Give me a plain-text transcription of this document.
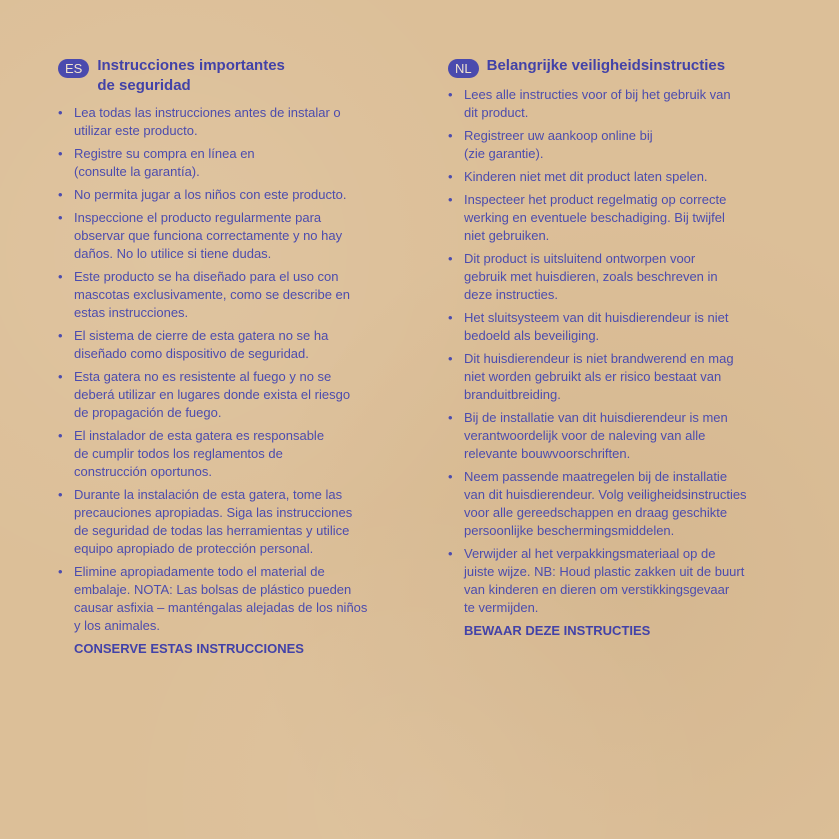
ES	Instrucciones importantes
de seguridad
• Lea todas las instrucciones antes de instalar o
utilizar este producto.
• Registre su compra en línea en
(consulte la garantía).
• No permita jugar a los niños con este producto.
• Inspeccione el producto regularmente para
observar que funciona correctamente y no hay
daños. No lo utilice si tiene dudas.
• Este producto se ha diseñado para el uso con
mascotas exclusivamente, como se describe en
estas instrucciones.
• El sistema de cierre de esta gatera no se ha
diseñado como dispositivo de seguridad.
• Esta gatera no es resistente al fuego y no se
deberá utilizar en lugares donde exista el riesgo
de propagación de fuego.
• El instalador de esta gatera es responsable
de cumplir todos los reglamentos de
construcción oportunos.
• Durante la instalación de esta gatera, tome las
precauciones apropiadas. Siga las instrucciones
de seguridad de todas las herramientas y utilice
equipo apropiado de protección personal.
• Elimine apropiadamente todo el material de
embalaje. NOTA: Las bolsas de plástico pueden
causar asfixia – manténgalas alejadas de los niños
y los animales.
CONSERVE ESTAS INSTRUCCIONES
NL	Belangrijke veiligheidsinstructies
• Lees alle instructies voor of bij het gebruik van
dit product.
• Registreer uw aankoop online bij
(zie garantie).
• Kinderen niet met dit product laten spelen.
• Inspecteer het product regelmatig op correcte
werking en eventuele beschadiging. Bij twijfel
niet gebruiken.
• Dit product is uitsluitend ontworpen voor
gebruik met huisdieren, zoals beschreven in
deze instructies.
• Het sluitsysteem van dit huisdierendeur is niet
bedoeld als beveiliging.
• Dit huisdierendeur is niet brandwerend en mag
niet worden gebruikt als er risico bestaat van
branduitbreiding.
• Bij de installatie van dit huisdierendeur is men
verantwoordelijk voor de naleving van alle
relevante bouwvoorschriften.
• Neem passende maatregelen bij de installatie
van dit huisdierendeur. Volg veiligheidsinstructies
voor alle gereedschappen en draag geschikte
persoonlijke beschermingsmiddelen.
• Verwijder al het verpakkingsmateriaal op de
juiste wijze. NB: Houd plastic zakken uit de buurt
van kinderen en dieren om verstikkingsgevaar
te vermijden.
BEWAAR DEZE INSTRUCTIES
